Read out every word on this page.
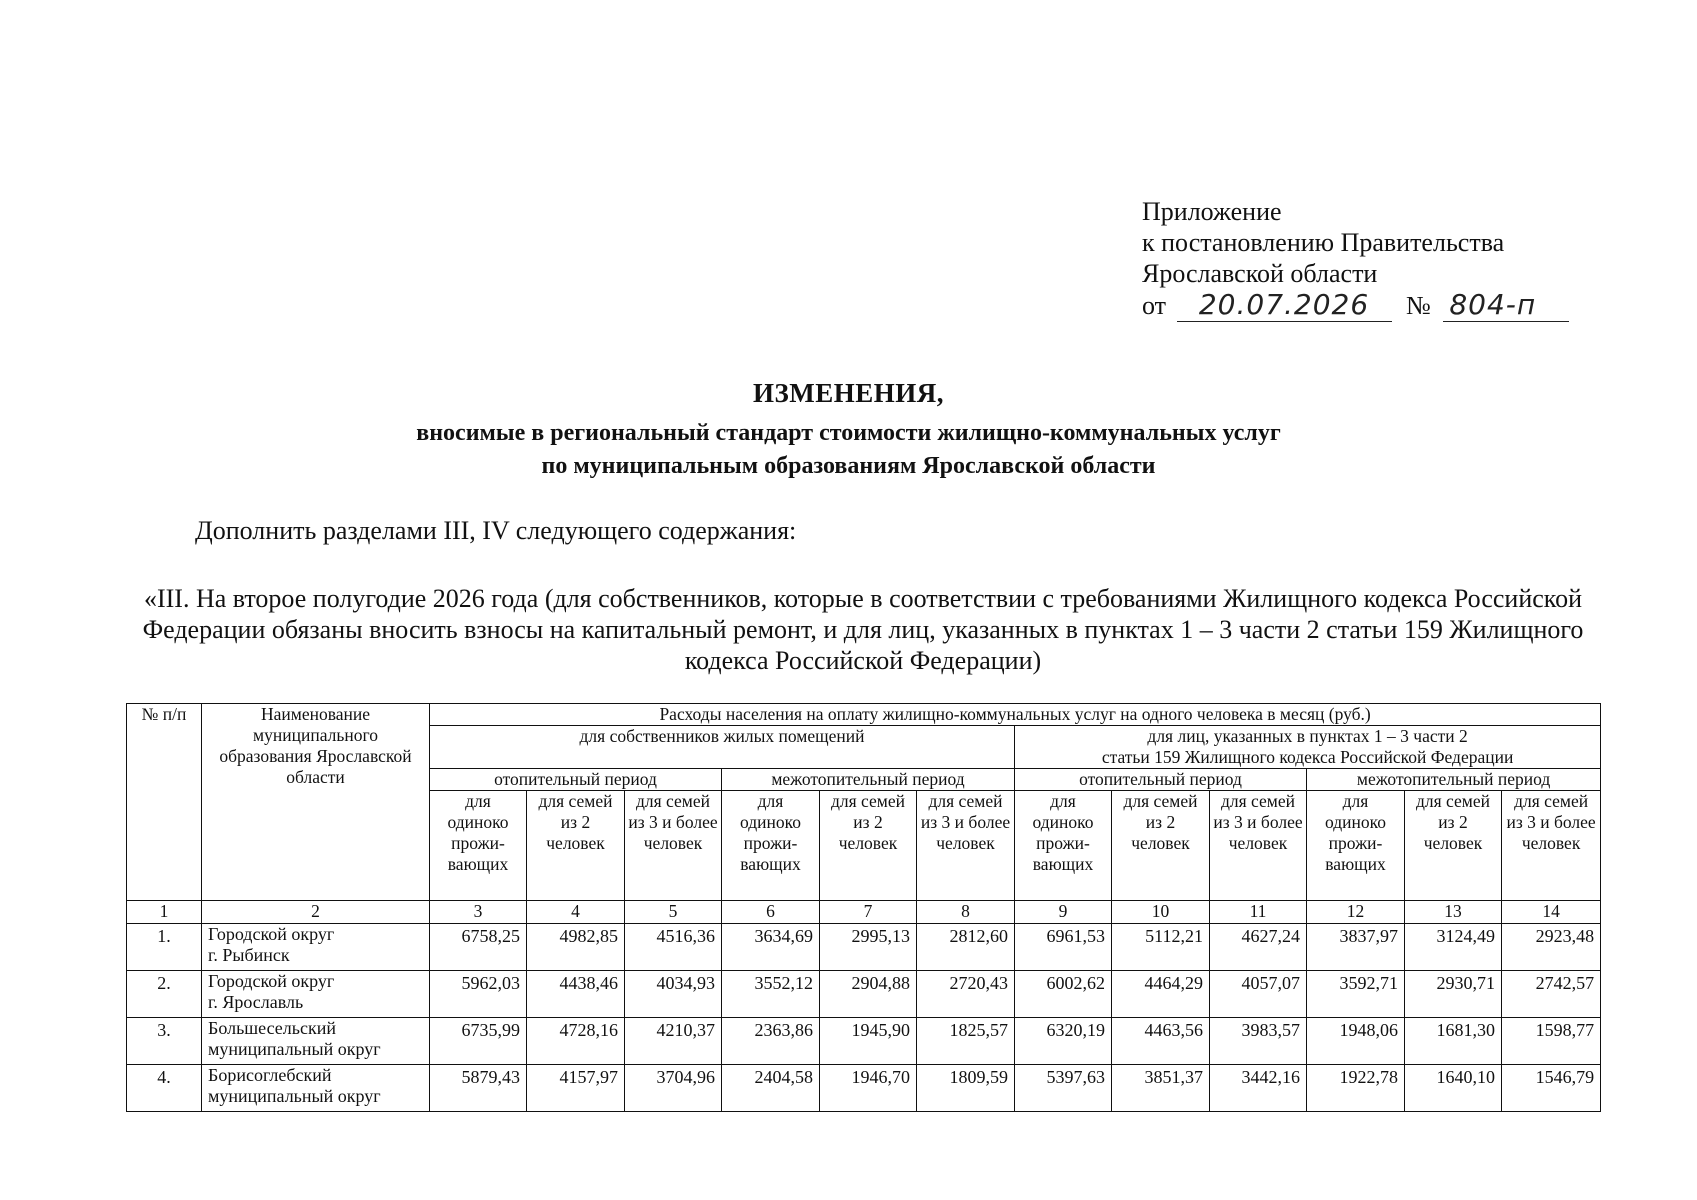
Приложение
к постановлению Правительства
Ярославской области
от 20.07.2026 № 804-п
ИЗМЕНЕНИЯ,
вносимые в региональный стандарт стоимости жилищно-коммунальных услуг
по муниципальным образованиям Ярославской области
Дополнить разделами III, IV следующего содержания:
«III. На второе полугодие 2026 года (для собственников, которые в соответствии с требованиями Жилищного кодекса Российской Федерации обязаны вносить взносы на капитальный ремонт, и для лиц, указанных в пунктах 1 – 3 части 2 статьи 159 Жилищного кодекса Российской Федерации)
№ п/п	Наименование муниципального образования Ярославской области	Расходы населения на оплату жилищно-коммунальных услуг на одного человека в месяц (руб.)											
		для собственников жилых помещений						для лиц, указанных в пунктах 1 – 3 части 2
статьи 159 Жилищного кодекса Российской Федерации					

		отопительный период			межотопительный период			отопительный период			межотопительный период		
		для одиноко прожи-вающих	для семей из 2 человек	для семей из 3 и более человек	для одиноко прожи-вающих	для семей из 2 человек	для семей из 3 и более человек	для одиноко прожи-вающих	для семей из 2 человек	для семей из 3 и более человек	для одиноко прожи-вающих	для семей из 2 человек	для семей из 3 и более человек

1	2	3	4	5	6	7	8	9	10	11	12	13	14
1.	Городской округ
г. Рыбинск	6758,25	4982,85	4516,36	3634,69	2995,13	2812,60	6961,53	5112,21	4627,24	3837,97	3124,49	2923,48
2.	Городской округ
г. Ярославль	5962,03	4438,46	4034,93	3552,12	2904,88	2720,43	6002,62	4464,29	4057,07	3592,71	2930,71	2742,57
3.	Большесельский
муниципальный округ	6735,99	4728,16	4210,37	2363,86	1945,90	1825,57	6320,19	4463,56	3983,57	1948,06	1681,30	1598,77
4.	Борисоглебский
муниципальный округ	5879,43	4157,97	3704,96	2404,58	1946,70	1809,59	5397,63	3851,37	3442,16	1922,78	1640,10	1546,79
